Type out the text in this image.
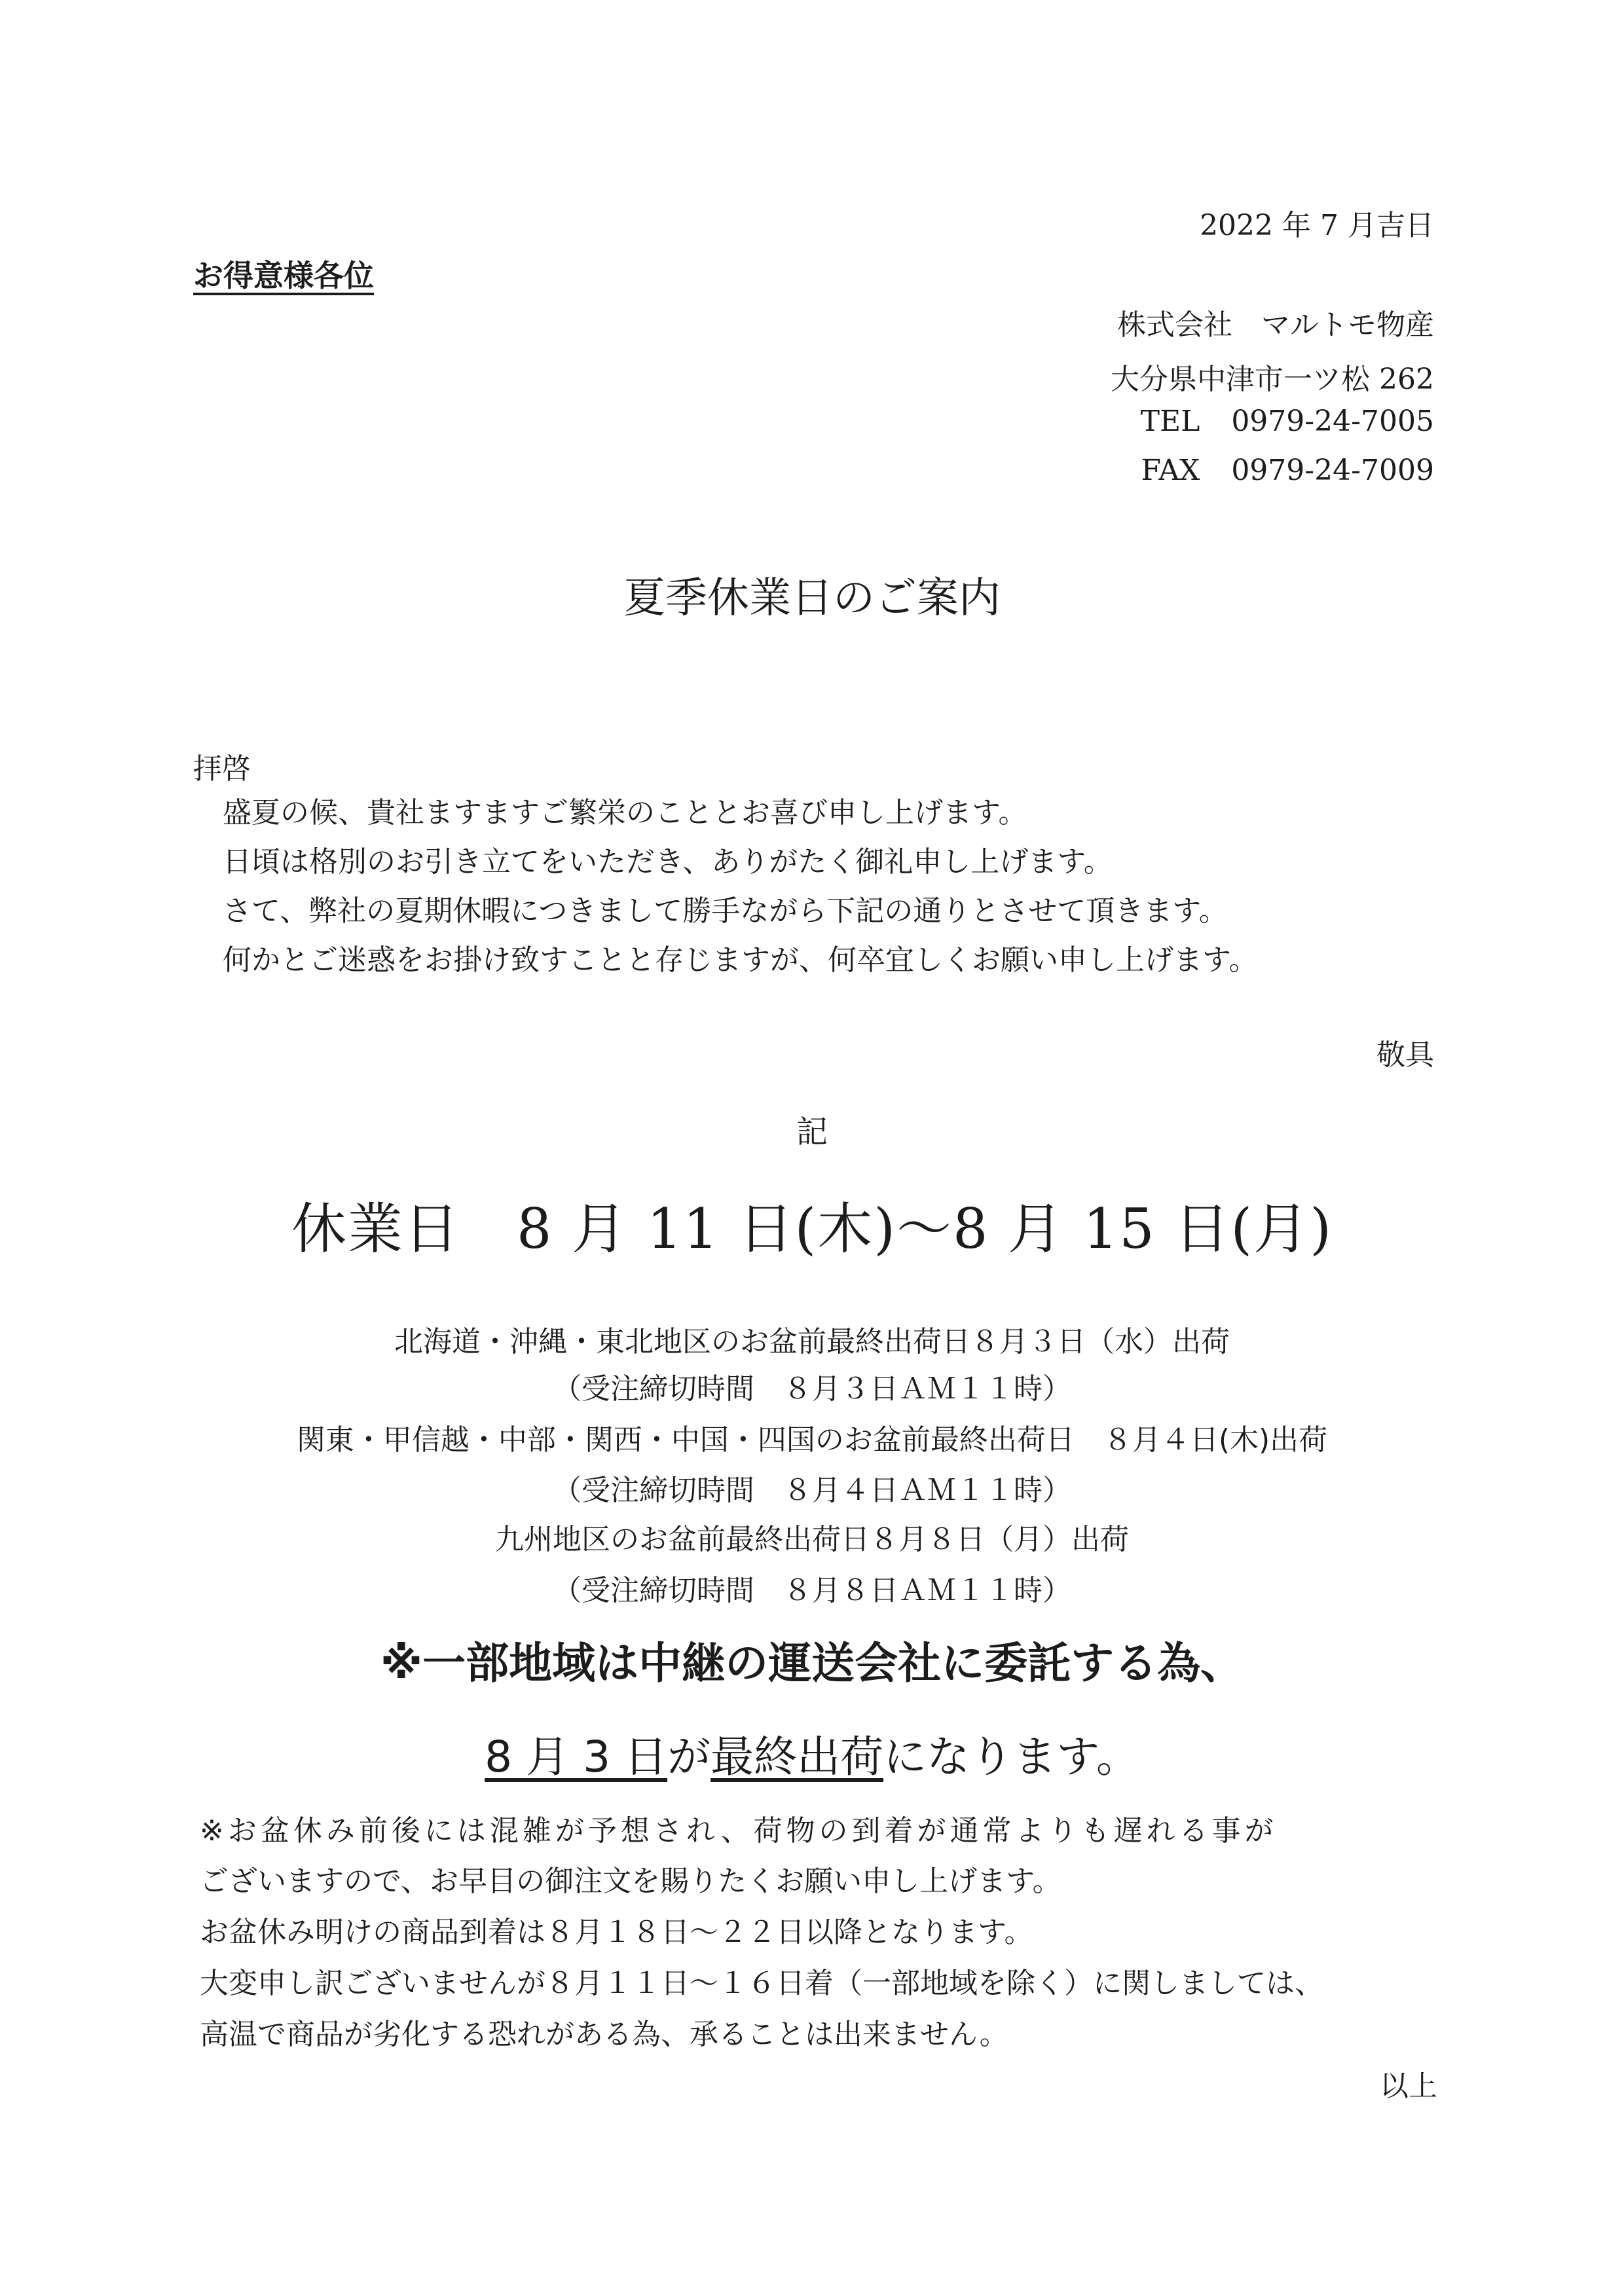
2022 年 7 月吉日
お得意様各位
株式会社　マルトモ物産
大分県中津市一ツ松 262
TEL 0979-24-7005
FAX 0979-24-7009
夏季休業日のご案内
拝啓
盛夏の候、貴社ますますご繁栄のこととお喜び申し上げます。
日頃は格別のお引き立てをいただき、ありがたく御礼申し上げます。
さて、弊社の夏期休暇につきまして勝手ながら下記の通りとさせて頂きます。
何かとご迷惑をお掛け致すことと存じますが、何卒宜しくお願い申し上げます。
敬具
記
休業日　8 月 11 日(木)〜8 月 15 日(月)
北海道・沖縄・東北地区のお盆前最終出荷日８月３日（水）出荷
（受注締切時間　８月３日ＡＭ１１時）
関東・甲信越・中部・関西・中国・四国のお盆前最終出荷日　８月４日(木)出荷
（受注締切時間　８月４日ＡＭ１１時）
九州地区のお盆前最終出荷日８月８日（月）出荷
（受注締切時間　８月８日ＡＭ１１時）
※一部地域は中継の運送会社に委託する為、
8 月 3 日が最終出荷になります。
※お盆休み前後には混雑が予想され、荷物の到着が通常よりも遅れる事が
ございますので、お早目の御注文を賜りたくお願い申し上げます。
お盆休み明けの商品到着は８月１８日〜２２日以降となります。
大変申し訳ございませんが８月１１日〜１６日着（一部地域を除く）に関しましては、
高温で商品が劣化する恐れがある為、承ることは出来ません。
以上
